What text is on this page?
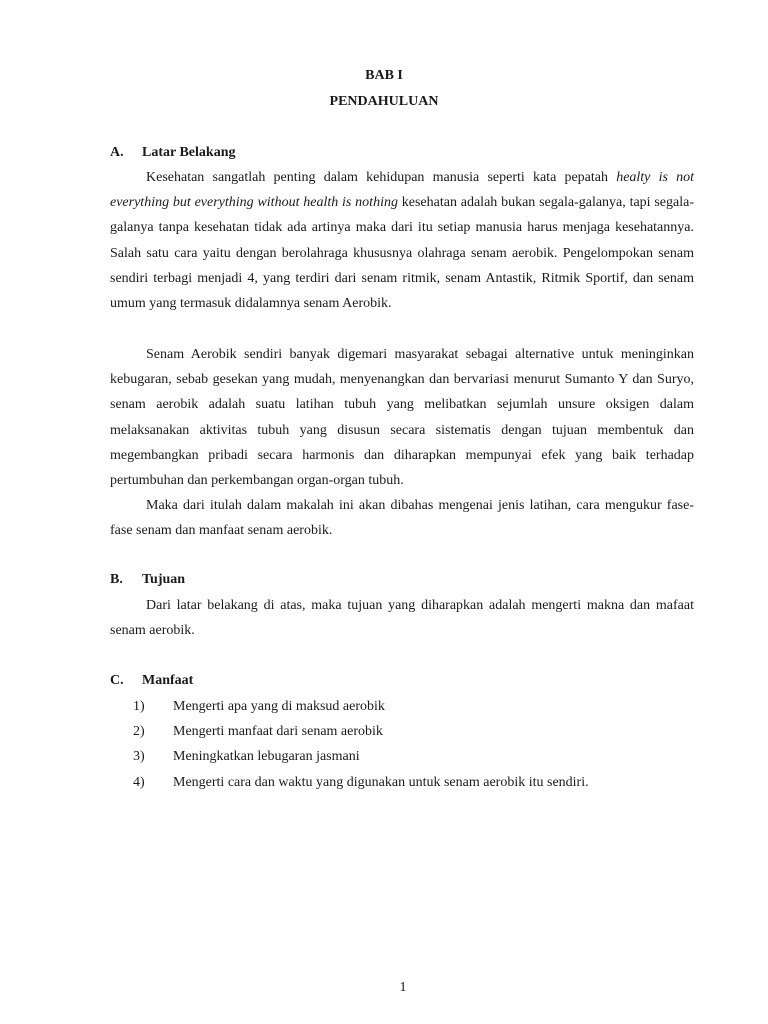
BAB I
PENDAHULUAN
A. Latar Belakang

Kesehatan sangatlah penting dalam kehidupan manusia seperti kata pepatah healty is not everything but everything without health is nothing kesehatan adalah bukan segala-galanya, tapi segala-galanya tanpa kesehatan tidak ada artinya maka dari itu setiap manusia harus menjaga kesehatannya. Salah satu cara yaitu dengan berolahraga khususnya olahraga senam aerobik. Pengelompokan senam sendiri terbagi menjadi 4, yang terdiri dari senam ritmik, senam Antastik, Ritmik Sportif, dan senam umum yang termasuk didalamnya senam Aerobik.

Senam Aerobik sendiri banyak digemari masyarakat sebagai alternative untuk meninginkan kebugaran, sebab gesekan yang mudah, menyenangkan dan bervariasi menurut Sumanto Y dan Suryo, senam aerobik adalah suatu latihan tubuh yang melibatkan sejumlah unsure oksigen dalam melaksanakan aktivitas tubuh yang disusun secara sistematis dengan tujuan membentuk dan megembangkan pribadi secara harmonis dan diharapkan mempunyai efek yang baik terhadap pertumbuhan dan perkembangan organ-organ tubuh.

Maka dari itulah dalam makalah ini akan dibahas mengenai jenis latihan, cara mengukur fase-fase senam dan manfaat senam aerobik.

B. Tujuan

Dari latar belakang di atas, maka tujuan yang diharapkan adalah mengerti makna dan mafaat senam aerobik.

C. Manfaat
1) Mengerti apa yang di maksud aerobik
2) Mengerti manfaat dari senam aerobik
3) Meningkatkan lebugaran jasmani
4) Mengerti cara dan waktu yang digunakan untuk senam aerobik itu sendiri.
1
